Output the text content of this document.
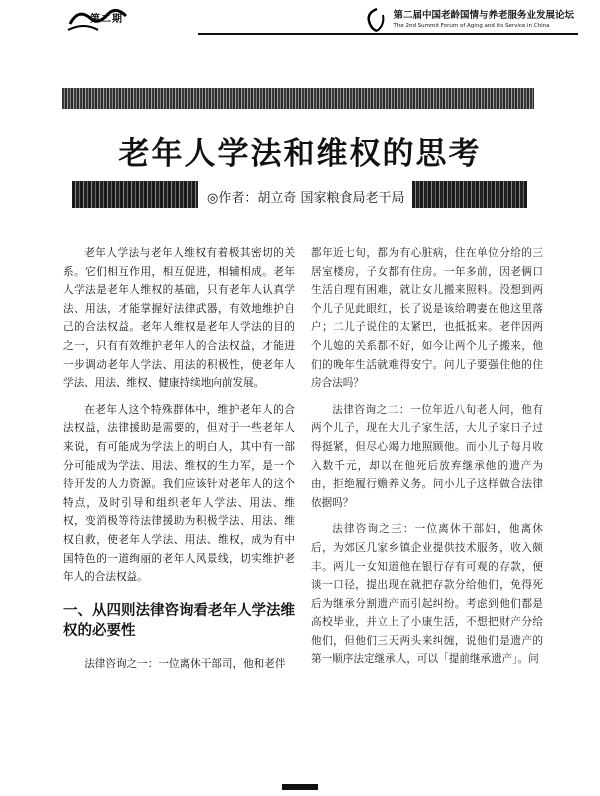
第二期	第二届中国老龄国情与养老服务业发展论坛
The 2nd Summit Forum of Aging and its Service in China
老年人学法和维权的思考
◎作者：胡立奇 国家粮食局老干局

老年人学法与老年人维权有着极其密切的关系。它们相互作用，相互促进，相辅相成。老年人学法是老年人维权的基础，只有老年人认真学法、用法，才能掌握好法律武器，有效地维护自己的合法权益。老年人维权是老年人学法的目的之一，只有有效维护老年人的合法权益，才能进一步调动老年人学法、用法的积极性，使老年人学法、用法、维权、健康持续地向前发展。

在老年人这个特殊群体中，维护老年人的合法权益，法律援助是需要的，但对于一些老年人来说，有可能成为学法上的明白人，其中有一部分可能成为学法、用法、维权的生力军，是一个待开发的人力资源。我们应该针对老年人的这个特点，及时引导和组织老年人学法、用法、维权，变消极等待法律援助为积极学法、用法、维权自救，使老年人学法、用法、维权，成为有中国特色的一道绚丽的老年人风景线，切实维护老年人的合法权益。

一、从四则法律咨询看老年人学法维权的必要性

法律咨询之一：一位离休干部司，他和老伴

都年近七旬，都为有心脏病，住在单位分给的三居室楼房，子女都有住房。一年多前，因老俩口生活自理有困难，就让女儿搬来照料。没想到两个儿子见此眼红，长了说是该给聘妻在他这里落户；二儿子说住的太紧巴，也抵抵来。老伴因两个儿媳的关系都不好，如今让两个儿子搬来，他们的晚年生活就难得安宁。问儿子要强住他的住房合法吗？

法律咨询之二：一位年近八旬老人问，他有两个儿子，现在大儿子家生活，大儿子家日子过得挺紧，但尽心竭力地照顾他。而小儿子每月收入数千元，却以在他死后放弃继承他的遗产为由，拒绝履行赡养义务。问小儿子这样做合法律依据吗？

法律咨询之三：一位离休干部妇，他离休后，为郊区几家乡镇企业提供技术服务，收入颇丰。两儿一女知道他在银行存有可观的存款，便谈一口径，提出现在就把存款分给他们，免得死后为继承分割遗产而引起纠纷。考虑到他们都是高校毕业，并立上了小康生活，不想把财产分给他们，但他们三天两头来纠缠，说他们是遗产的第一顺序法定继承人，可以「提前继承遗产」。问
